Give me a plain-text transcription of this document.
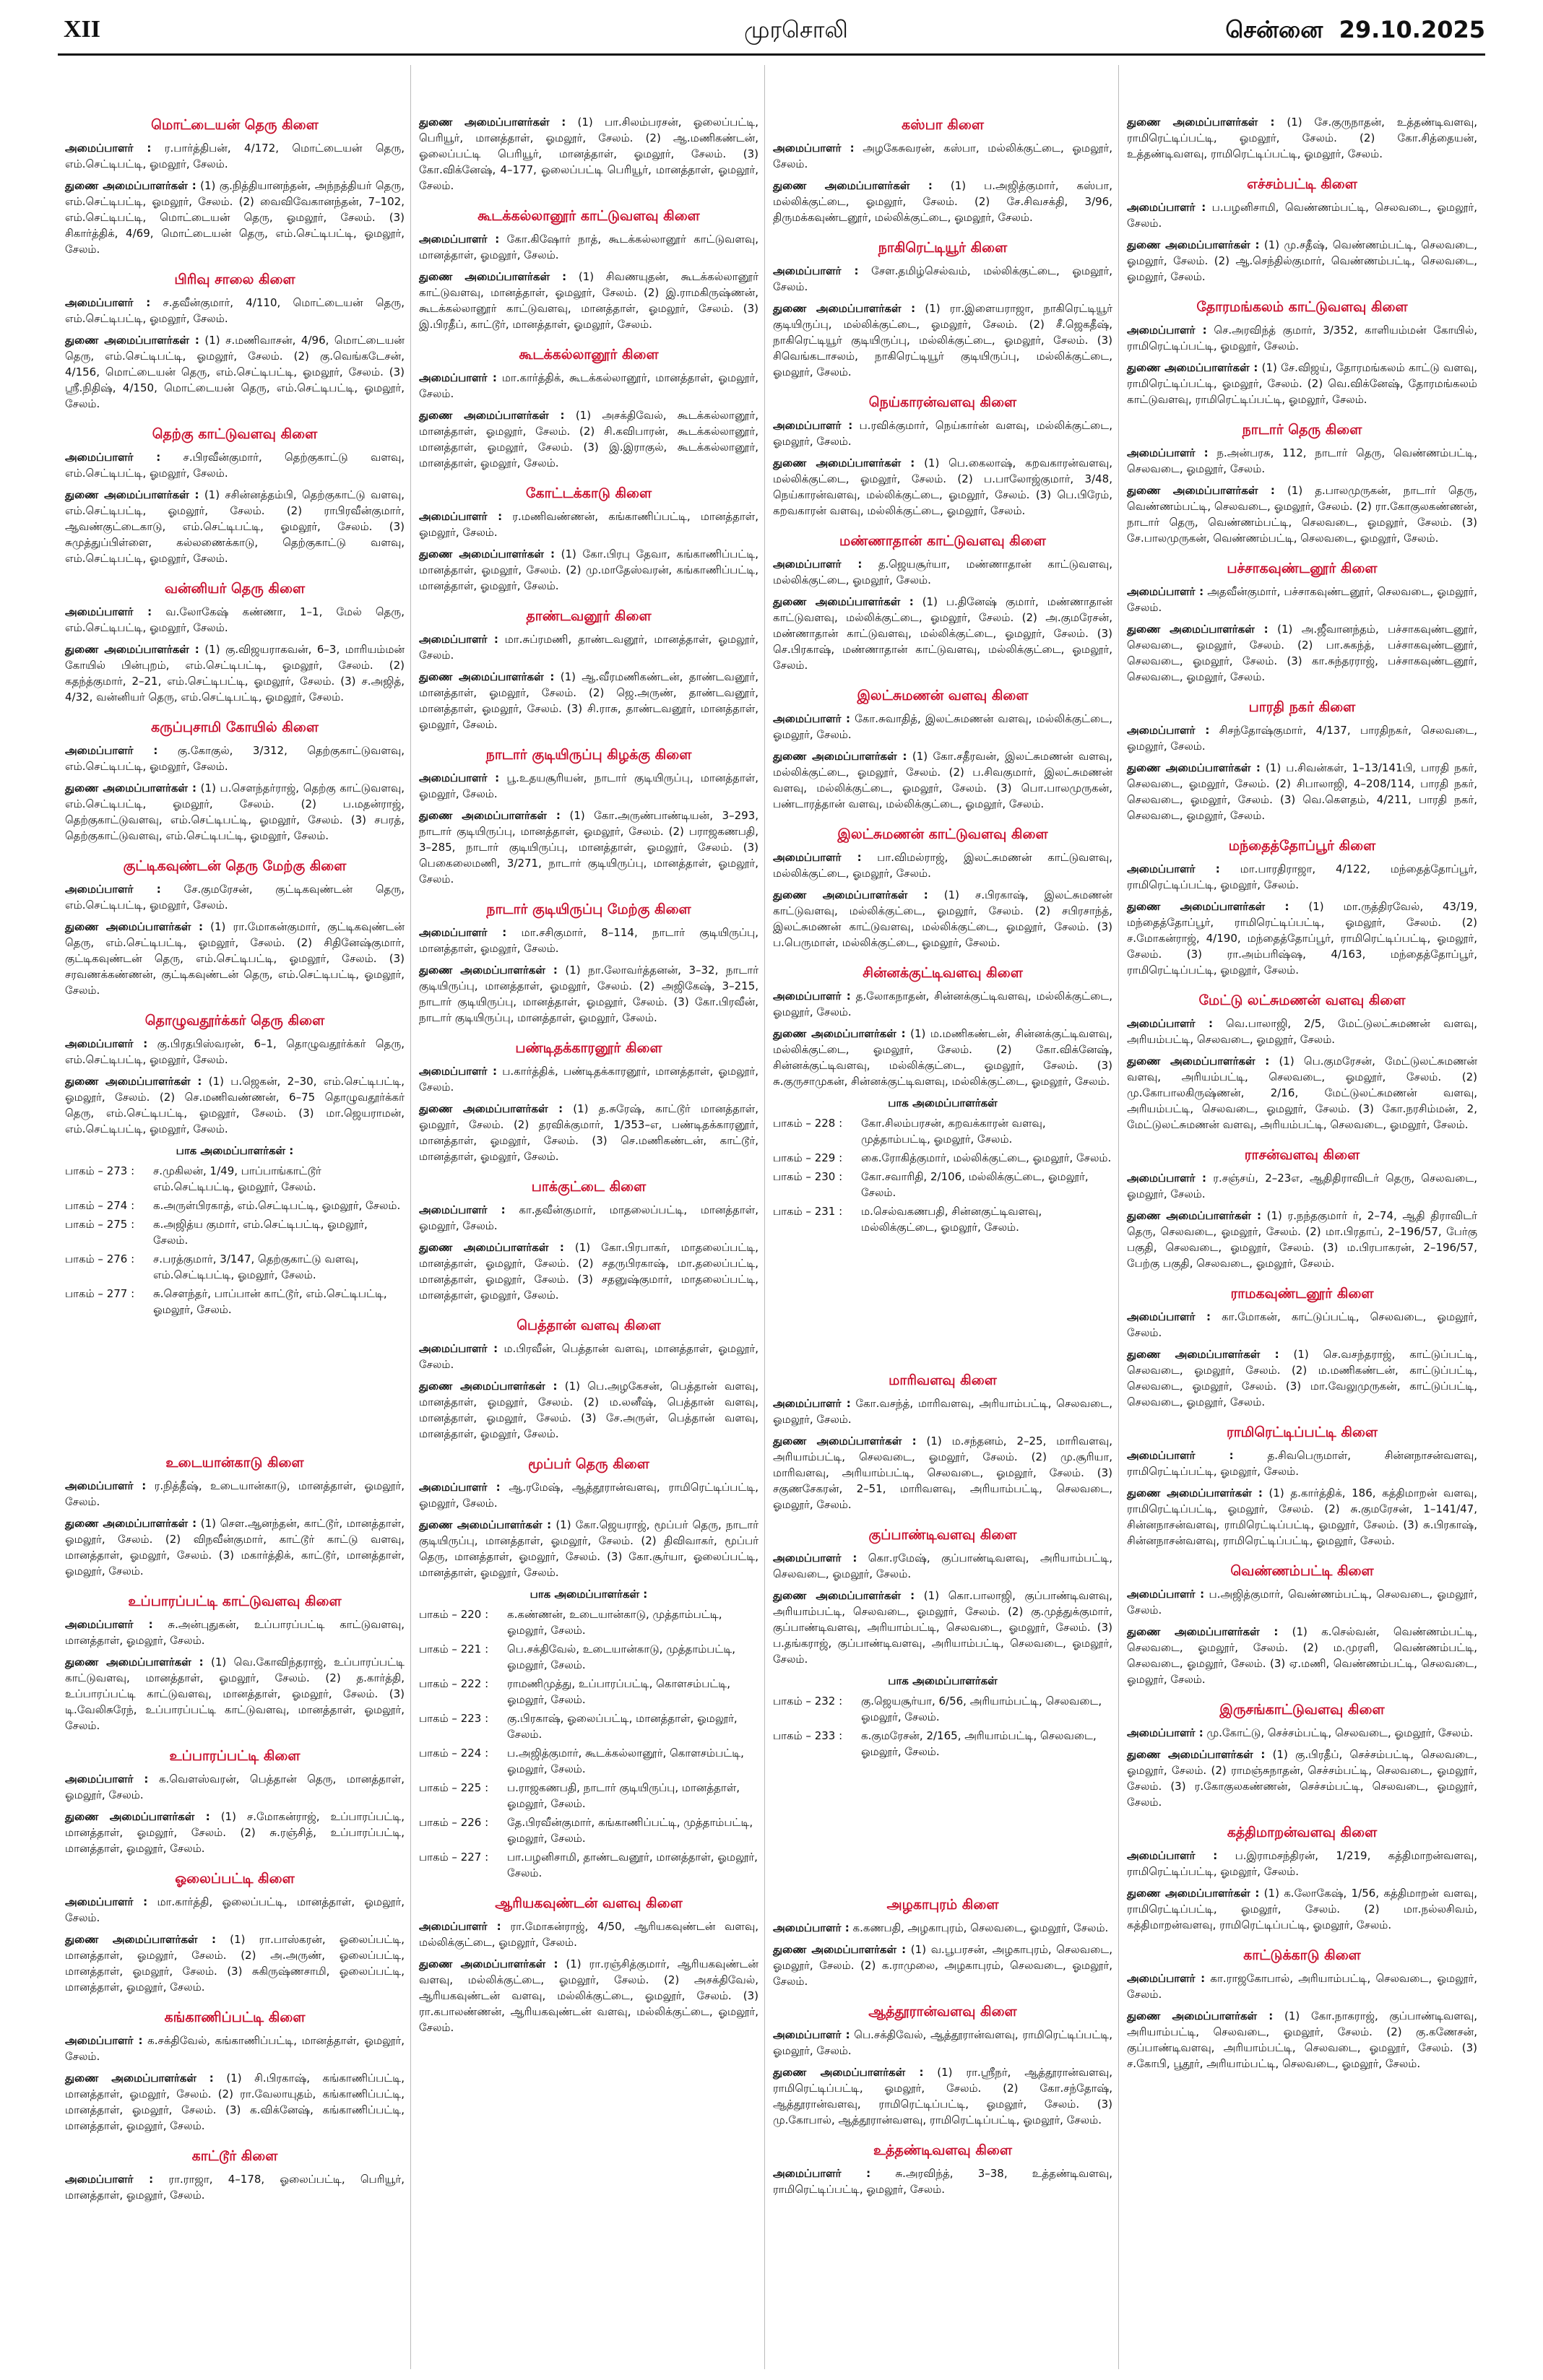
XII	முரசொலி	சென்னை 29.10.2025
மொட்டையன் தெரு கிளை
அமைப்பாளர் : ர.பார்த்திபன், 4/172, மொட்டையன் தெரு, எம்.செட்டிபட்டி, ஓமலூர், சேலம்.
துணை அமைப்பாளர்கள் : (1) கு.நித்தியானந்தன், அந்நத்தியர் தெரு, எம்.செட்டிபட்டி, ஓமலூர், சேலம். (2) வைவிவேகானந்தன், 7–102, எம்.செட்டிபட்டி, மொட்டையன் தெரு, ஓமலூர், சேலம். (3) சிகார்த்திக், 4/69, மொட்டையன் தெரு, எம்.செட்டிபட்டி, ஓமலூர், சேலம்.
பிரிவு சாலை கிளை
அமைப்பாளர் : ச.தவீன்குமார், 4/110, மொட்டையன் தெரு, எம்.செட்டிபட்டி, ஓமலூர், சேலம்.
துணை அமைப்பாளர்கள் : (1) ச.மணிவாசன், 4/96, மொட்டையன் தெரு, எம்.செட்டிபட்டி, ஓமலூர், சேலம். (2) கு.வெங்கடேசன், 4/156, மொட்டையன் தெரு, எம்.செட்டிபட்டி, ஓமலூர், சேலம். (3) ஸ்ரீ.நிதிஷ், 4/150, மொட்டையன் தெரு, எம்.செட்டிபட்டி, ஓமலூர், சேலம்.
தெற்கு காட்டுவளவு கிளை
அமைப்பாளர் : ச.பிரவீன்குமார், தெற்குகாட்டு வளவு, எம்.செட்டிபட்டி, ஓமலூர், சேலம்.
துணை அமைப்பாளர்கள் : (1) சசின்னத்தம்பி, தெற்குகாட்டு வளவு, எம்.செட்டிபட்டி, ஓமலூர், சேலம். (2) ராபிரவீன்குமார், ஆவண்குட்டைகாடு, எம்.செட்டிபட்டி, ஓமலூர், சேலம். (3) சுமுத்துப்பிள்ளை, கல்லணைக்காடு, தெற்குகாட்டு வளவு, எம்.செட்டிபட்டி, ஓமலூர், சேலம்.
வன்னியர் தெரு கிளை
அமைப்பாளர் : வ.லோகேஷ் கண்ணா, 1–1, மேல் தெரு, எம்.செட்டிபட்டி, ஓமலூர், சேலம்.
துணை அமைப்பாளர்கள் : (1) கு.விஜயராகவன், 6–3, மாரியம்மன் கோயில் பின்புறம், எம்.செட்டிபட்டி, ஓமலூர், சேலம். (2) கதந்த்குமார், 2–21, எம்.செட்டிபட்டி, ஓமலூர், சேலம். (3) ச.அஜித், 4/32, வன்னியர் தெரு, எம்.செட்டிபட்டி, ஓமலூர், சேலம்.
கருப்புசாமி கோயில் கிளை
அமைப்பாளர் : கு.கோகுல், 3/312, தெற்குகாட்டுவளவு, எம்.செட்டிபட்டி, ஓமலூர், சேலம்.
துணை அமைப்பாளர்கள் : (1) ப.சௌந்தர்ராஜ், தெற்கு காட்டுவளவு, எம்.செட்டிபட்டி, ஓமலூர், சேலம். (2) ப.மதன்ராஜ், தெற்குகாட்டுவளவு, எம்.செட்டிபட்டி, ஓமலூர், சேலம். (3) சபரத், தெற்குகாட்டுவளவு, எம்.செட்டிபட்டி, ஓமலூர், சேலம்.
குட்டிகவுண்டன் தெரு மேற்கு கிளை
அமைப்பாளர் : சே.குமரேசன், குட்டிகவுண்டன் தெரு, எம்.செட்டிபட்டி, ஓமலூர், சேலம்.
துணை அமைப்பாளர்கள் : (1) ரா.மோகன்குமார், குட்டிகவுண்டன் தெரு, எம்.செட்டிபட்டி, ஓமலூர், சேலம். (2) சிதினேஷ்குமார், குட்டிகவுண்டன் தெரு, எம்.செட்டிபட்டி, ஓமலூர், சேலம். (3) சரவணக்கண்ணன், குட்டிகவுண்டன் தெரு, எம்.செட்டிபட்டி, ஓமலூர், சேலம்.
தொழுவதூர்க்கர் தெரு கிளை
அமைப்பாளர் : கு.பிரதபிஸ்வரன், 6–1, தொழுவதூர்க்கர் தெரு, எம்.செட்டிபட்டி, ஓமலூர், சேலம்.
துணை அமைப்பாளர்கள் : (1) ப.ஜெகன், 2–30, எம்.செட்டிபட்டி, ஓமலூர், சேலம். (2) செ.மணிவண்ணன், 6–75 தொழுவதூர்க்கர் தெரு, எம்.செட்டிபட்டி, ஓமலூர், சேலம். (3) மா.ஜெயராமன், எம்.செட்டிபட்டி, ஓமலூர், சேலம்.
பாக அமைப்பாளர்கள் :
பாகம் – 273 :	ச.முகிலன், 1/49, பாப்பாங்காட்டூர் எம்.செட்டிபட்டி, ஓமலூர், சேலம்.
பாகம் – 274 :	க.அருள்பிரகாத், எம்.செட்டிபட்டி, ஓமலூர், சேலம்.
பாகம் – 275 :	க.அஜித்ய குமார், எம்.செட்டிபட்டி, ஓமலூர், சேலம்.
பாகம் – 276 :	ச.பரத்குமார், 3/147, தெற்குகாட்டு வளவு, எம்.செட்டிபட்டி, ஓமலூர், சேலம்.
பாகம் – 277 :	சு.செளந்தர், பாப்பான் காட்டூர், எம்.செட்டிபட்டி, ஓமலூர், சேலம்.
உடையான்காடு கிளை
அமைப்பாளர் : ர.நித்தீஷ், உடையான்காடு, மானத்தாள், ஓமலூர், சேலம்.
துணை அமைப்பாளர்கள் : (1) சௌ.ஆனந்தன், காட்டூர், மானத்தாள், ஓமலூர், சேலம். (2) விநவீன்குமார், காட்டூர் காட்டு வளவு, மானத்தாள், ஓமலூர், சேலம். (3) மகார்த்திக், காட்டூர், மானத்தாள், ஓமலூர், சேலம்.
உப்பாரப்பட்டி காட்டுவளவு கிளை
அமைப்பாளர் : சு.அன்புதுகன், உப்பாரப்பட்டி காட்டுவளவு, மானத்தாள், ஓமலூர், சேலம்.
துணை அமைப்பாளர்கள் : (1) வெ.கோவிந்தராஜ், உப்பாரப்பட்டி காட்டுவளவு, மானத்தாள், ஓமலூர், சேலம். (2) த.கார்த்தி, உப்பாரப்பட்டி காட்டுவளவு, மானத்தாள், ஓமலூர், சேலம். (3) டி.வேலிசுரேந், உப்பாரப்பட்டி காட்டுவளவு, மானத்தாள், ஓமலூர், சேலம்.
உப்பாரப்பட்டி கிளை
அமைப்பாளர் : க.வெளஸ்வரன், பெத்தான் தெரு, மானத்தாள், ஓமலூர், சேலம்.
துணை அமைப்பாளர்கள் : (1) ச.மோகன்ராஜ், உப்பாரப்பட்டி, மானத்தாள், ஓமலூர், சேலம். (2) சு.ரஞ்சித், உப்பாரப்பட்டி, மானத்தாள், ஓமலூர், சேலம்.
ஓலைப்பட்டி கிளை
அமைப்பாளர் : மா.கார்த்தி, ஓலைப்பட்டி, மானத்தாள், ஓமலூர், சேலம்.
துணை அமைப்பாளர்கள் : (1) ரா.பாஸ்கரன், ஓலைப்பட்டி, மானத்தாள், ஓமலூர், சேலம். (2) அ.அருண், ஓலைப்பட்டி, மானத்தாள், ஓமலூர், சேலம். (3) சுகிருஷ்ணசாமி, ஓலைப்பட்டி, மானத்தாள், ஓமலூர், சேலம்.
கங்காணிப்பட்டி கிளை
அமைப்பாளர் : க.சக்திவேல், கங்காணிப்பட்டி, மானத்தாள், ஓமலூர், சேலம்.
துணை அமைப்பாளர்கள் : (1) சி.பிரகாஷ், கங்காணிப்பட்டி, மானத்தாள், ஓமலூர், சேலம். (2) ரா.வேலாயுதம், கங்காணிப்பட்டி, மானத்தாள், ஓமலூர், சேலம். (3) க.விக்னேஷ், கங்காணிப்பட்டி, மானத்தாள், ஓமலூர், சேலம்.
காட்டூர் கிளை
அமைப்பாளர் : ரா.ராஜா, 4–178, ஓலைப்பட்டி, பெரியூர், மானத்தாள், ஓமலூர், சேலம்.
துணை அமைப்பாளர்கள் : (1) பா.சிலம்பரசன், ஓலைப்பட்டி, பெரியூர், மானத்தாள், ஓமலூர், சேலம். (2) ஆ.மணிகண்டன், ஓலைப்பட்டி பெரியூர், மானத்தாள், ஓமலூர், சேலம். (3) கோ.விக்னேஷ், 4–177, ஓலைப்பட்டி பெரியூர், மானத்தாள், ஓமலூர், சேலம்.
கூடக்கல்லானூர் காட்டுவளவு கிளை
அமைப்பாளர் : கோ.கிஷோர் நாத், கூடக்கல்லானூர் காட்டுவளவு, மானத்தாள், ஓமலூர், சேலம்.
துணை அமைப்பாளர்கள் : (1) சிவணயுதன், கூடக்கல்லானூர் காட்டுவளவு, மானத்தாள், ஓமலூர், சேலம். (2) இ.ராமகிருஷ்ணன், கூடக்கல்லானூர் காட்டுவளவு, மானத்தாள், ஓமலூர், சேலம். (3) இ.பிரதீப், காட்டூர், மானத்தாள், ஓமலூர், சேலம்.
கூடக்கல்லானூர் கிளை
அமைப்பாளர் : மா.கார்த்திக், கூடக்கல்லானூர், மானத்தாள், ஓமலூர், சேலம்.
துணை அமைப்பாளர்கள் : (1) அசக்திவேல், கூடக்கல்லானூர், மானத்தாள், ஓமலூர், சேலம். (2) சி.கவிபாரன், கூடக்கல்லானூர், மானத்தாள், ஓமலூர், சேலம். (3) இ.இராகுல், கூடக்கல்லானூர், மானத்தாள், ஓமலூர், சேலம்.
கோட்டக்காடு கிளை
அமைப்பாளர் : ர.மணிவண்ணன், கங்காணிப்பட்டி, மானத்தாள், ஓமலூர், சேலம்.
துணை அமைப்பாளர்கள் : (1) கோ.பிரபு தேவா, கங்காணிப்பட்டி, மானத்தாள், ஓமலூர், சேலம். (2) மு.மாதேஸ்வரன், கங்காணிப்பட்டி, மானத்தாள், ஓமலூர், சேலம்.
தாண்டவனூர் கிளை
அமைப்பாளர் : மா.சுப்ரமணி, தாண்டவனூர், மானத்தாள், ஓமலூர், சேலம்.
துணை அமைப்பாளர்கள் : (1) ஆ.வீரமணிகண்டன், தாண்டவனூர், மானத்தாள், ஓமலூர், சேலம். (2) ஜெ.அருண், தாண்டவனூர், மானத்தாள், ஓமலூர், சேலம். (3) சி.ராசு, தாண்டவனூர், மானத்தாள், ஓமலூர், சேலம்.
நாடார் குடியிருப்பு கிழக்கு கிளை
அமைப்பாளர் : பூ.உதயசூரியன், நாடார் குடியிருப்பு, மானத்தாள், ஓமலூர், சேலம்.
துணை அமைப்பாளர்கள் : (1) கோ.அருண்பாண்டியன், 3–293, நாடார் குடியிருப்பு, மானத்தாள், ஓமலூர், சேலம். (2) பராஜகணபதி, 3–285, நாடார் குடியிருப்பு, மானத்தாள், ஓமலூர், சேலம். (3) பெகைலைமணி, 3/271, நாடார் குடியிருப்பு, மானத்தாள், ஓமலூர், சேலம்.
நாடார் குடியிருப்பு மேற்கு கிளை
அமைப்பாளர் : மா.சசிகுமார், 8–114, நாடார் குடியிருப்பு, மானத்தாள், ஓமலூர், சேலம்.
துணை அமைப்பாளர்கள் : (1) நா.லோவர்த்தனன், 3–32, நாடார் குடியிருப்பு, மானத்தாள், ஓமலூர், சேலம். (2) அஜிகேஷ், 3–215, நாடார் குடியிருப்பு, மானத்தாள், ஓமலூர், சேலம். (3) கோ.பிரவீன், நாடார் குடியிருப்பு, மானத்தாள், ஓமலூர், சேலம்.
பண்டிதக்காரனூர் கிளை
அமைப்பாளர் : ப.கார்த்திக், பண்டிதக்காரனூர், மானத்தாள், ஓமலூர், சேலம்.
துணை அமைப்பாளர்கள் : (1) த.சுரேஷ், காட்டூர் மானத்தாள், ஓமலூர், சேலம். (2) தரவிக்குமார், 1/353–எ, பண்டிதக்காரனூர், மானத்தாள், ஓமலூர், சேலம். (3) செ.மணிகண்டன், காட்டூர், மானத்தாள், ஓமலூர், சேலம்.
பாக்குட்டை கிளை
அமைப்பாளர் : கா.தவீன்குமார், மாதலைப்பட்டி, மானத்தாள், ஓமலூர், சேலம்.
துணை அமைப்பாளர்கள் : (1) கோ.பிரபாகர், மாதலைப்பட்டி, மானத்தாள், ஓமலூர், சேலம். (2) சதருபிரகாஷ், மா.தலைப்பட்டி, மானத்தாள், ஓமலூர், சேலம். (3) சதனுஷ்குமார், மாதலைப்பட்டி, மானத்தாள், ஓமலூர், சேலம்.
பெத்தான் வளவு கிளை
அமைப்பாளர் : ம.பிரவீன், பெத்தான் வளவு, மானத்தாள், ஓமலூர், சேலம்.
துணை அமைப்பாளர்கள் : (1) பெ.அழகேசன், பெத்தான் வளவு, மானத்தாள், ஓமலூர், சேலம். (2) ம.லனீஷ், பெத்தான் வளவு, மானத்தாள், ஓமலூர், சேலம். (3) சே.அருள், பெத்தான் வளவு, மானத்தாள், ஓமலூர், சேலம்.
மூப்பர் தெரு கிளை
அமைப்பாளர் : ஆ.ரமேஷ், ஆத்தூரான்வளவு, ராமிரெட்டிப்பட்டி, ஓமலூர், சேலம்.
துணை அமைப்பாளர்கள் : (1) கோ.ஜெயராஜ், மூப்பர் தெரு, நாடார் குடியிருப்பு, மானத்தாள், ஓமலூர், சேலம். (2) திவிவாகர், மூப்பர் தெரு, மானத்தாள், ஓமலூர், சேலம். (3) கோ.சூர்யா, ஓலைப்பட்டி, மானத்தாள், ஓமலூர், சேலம்.
பாக அமைப்பாளர்கள் :
பாகம் – 220 :	க.கண்ணன், உடையான்காடு, முத்தாம்பட்டி, ஓமலூர், சேலம்.
பாகம் – 221 :	பெ.சக்திவேல், உடையான்காடு, முத்தாம்பட்டி, ஓமலூர், சேலம்.
பாகம் – 222 :	ராமணிமுத்து, உப்பாரப்பட்டி, கொளசம்பட்டி, ஓமலூர், சேலம்.
பாகம் – 223 :	கு.பிரகாஷ், ஓலைப்பட்டி, மானத்தாள், ஓமலூர், சேலம்.
பாகம் – 224 :	ப.அஜித்குமார், கூடக்கல்லானூர், கொளசம்பட்டி, ஓமலூர், சேலம்.
பாகம் – 225 :	ப.ராஜகணபதி, நாடார் குடியிருப்பு, மானத்தாள், ஓமலூர், சேலம்.
பாகம் – 226 :	தே.பிரவீன்குமார், கங்காணிப்பட்டி, முத்தாம்பட்டி, ஓமலூர், சேலம்.
பாகம் – 227 :	பா.பழனிசாமி, தாண்டவனூர், மானத்தாள், ஓமலூர், சேலம்.
ஆரியகவுண்டன் வளவு கிளை
அமைப்பாளர் : ரா.மோகன்ராஜ், 4/50, ஆரியகவுண்டன் வளவு, மல்லிக்குட்டை, ஓமலூர், சேலம்.
துணை அமைப்பாளர்கள் : (1) ரா.ரஞ்சித்குமார், ஆரியகவுண்டன் வளவு, மல்லிக்குட்டை, ஓமலூர், சேலம். (2) அசக்திவேல், ஆரியகவுண்டன் வளவு, மல்லிக்குட்டை, ஓமலூர், சேலம். (3) ரா.கபாலண்ணன், ஆரியகவுண்டன் வளவு, மல்லிக்குட்டை, ஓமலூர், சேலம்.
கஸ்பா கிளை
அமைப்பாளர் : அழகேசுவரன், கஸ்பா, மல்லிக்குட்டை, ஓமலூர், சேலம்.
துணை அமைப்பாளர்கள் : (1) ப.அஜித்குமார், கஸ்பா, மல்லிக்குட்டை, ஓமலூர், சேலம். (2) சே.சிவசக்தி, 3/96, திருமக்கவுண்டனூர், மல்லிக்குட்டை, ஓமலூர், சேலம்.
நாகிரெட்டியூர் கிளை
அமைப்பாளர் : சேள.தமிழ்செல்வம், மல்லிக்குட்டை, ஓமலூர், சேலம்.
துணை அமைப்பாளர்கள் : (1) ரா.இளையராஜா, நாகிரெட்டியூர் குடியிருப்பு, மல்லிக்குட்டை, ஓமலூர், சேலம். (2) சீ.ஜெகதீஷ், நாகிரெட்டியூர் குடியிருப்பு, மல்லிக்குட்டை, ஓமலூர், சேலம். (3) சிவெங்கடாசலம், நாகிரெட்டியூர் குடியிருப்பு, மல்லிக்குட்டை, ஓமலூர், சேலம்.
நெய்காரன்வளவு கிளை
அமைப்பாளர் : ப.ரவிக்குமார், நெய்கார்ன் வளவு, மல்லிக்குட்டை, ஓமலூர், சேலம்.
துணை அமைப்பாளர்கள் : (1) பெ.கைலாஷ், கறவகாரன்வளவு, மல்லிக்குட்டை, ஓமலூர், சேலம். (2) ப.பாலோஜ்குமார், 3/48, நெய்காரன்வளவு, மல்லிக்குட்டை, ஓமலூர், சேலம். (3) பெ.பிரேம், கறவகாரன் வளவு, மல்லிக்குட்டை, ஓமலூர், சேலம்.
மண்ணாதான் காட்டுவளவு கிளை
அமைப்பாளர் : த.ஜெயசூர்யா, மண்ணாதான் காட்டுவளவு, மல்லிக்குட்டை, ஓமலூர், சேலம்.
துணை அமைப்பாளர்கள் : (1) ப.தினேஷ் குமார், மண்ணாதான் காட்டுவளவு, மல்லிக்குட்டை, ஓமலூர், சேலம். (2) அ.குமரேசன், மண்ணாதான் காட்டுவளவு, மல்லிக்குட்டை, ஓமலூர், சேலம். (3) செ.பிரகாஷ், மண்ணாதான் காட்டுவளவு, மல்லிக்குட்டை, ஓமலூர், சேலம்.
இலட்சுமணன் வளவு கிளை
அமைப்பாளர் : கோ.சுவாதித், இலட்சுமணன் வளவு, மல்லிக்குட்டை, ஓமலூர், சேலம்.
துணை அமைப்பாளர்கள் : (1) கோ.சதீரவன், இலட்சுமணன் வளவு, மல்லிக்குட்டை, ஓமலூர், சேலம். (2) ப.சிவகுமார், இலட்சுமணன் வளவு, மல்லிக்குட்டை, ஓமலூர், சேலம். (3) பொ.பாலமுருகன், பண்டாரத்தான் வளவு, மல்லிக்குட்டை, ஓமலூர், சேலம்.
இலட்சுமணன் காட்டுவளவு கிளை
அமைப்பாளர் : பா.விமல்ராஜ், இலட்சுமணன் காட்டுவளவு, மல்லிக்குட்டை, ஓமலூர், சேலம்.
துணை அமைப்பாளர்கள் : (1) ச.பிரகாஷ், இலட்சுமணன் காட்டுவளவு, மல்லிக்குட்டை, ஓமலூர், சேலம். (2) சபிரசாந்த், இலட்சுமணன் காட்டுவளவு, மல்லிக்குட்டை, ஓமலூர், சேலம். (3) ப.பெருமாள், மல்லிக்குட்டை, ஓமலூர், சேலம்.
சின்னக்குட்டிவளவு கிளை
அமைப்பாளர் : த.லோகநாதன், சின்னக்குட்டிவளவு, மல்லிக்குட்டை, ஓமலூர், சேலம்.
துணை அமைப்பாளர்கள் : (1) ம.மணிகண்டன், சின்னக்குட்டிவளவு, மல்லிக்குட்டை, ஓமலூர், சேலம். (2) கோ.விக்னேஷ், சின்னக்குட்டிவளவு, மல்லிக்குட்டை, ஓமலூர், சேலம். (3) சு.குருசாமுகன், சின்னக்குட்டிவளவு, மல்லிக்குட்டை, ஓமலூர், சேலம்.
பாக அமைப்பாளர்கள்
பாகம் – 228 :	கோ.சிலம்பரசன், கறவக்காரன் வளவு, முத்தாம்பட்டி, ஓமலூர், சேலம்.
பாகம் – 229 :	கை.ரோகித்குமார், மல்லிக்குட்டை, ஓமலூர், சேலம்.
பாகம் – 230 :	கோ.சவாரிதி, 2/106, மல்லிக்குட்டை, ஓமலூர், சேலம்.
பாகம் – 231 :	ம.செல்வகணபதி, சின்னகுட்டிவளவு, மல்லிக்குட்டை, ஓமலூர், சேலம்.
மாரிவளவு கிளை
அமைப்பாளர் : கோ.வசந்த், மாரிவளவு, அரியாம்பட்டி, செலவடை, ஓமலூர், சேலம்.
துணை அமைப்பாளர்கள் : (1) ம.சந்தனம், 2–25, மாரிவளவு, அரியாம்பட்டி, செலவடை, ஓமலூர், சேலம். (2) மு.சூரியா, மாரிவளவு, அரியாம்பட்டி, செலவடை, ஓமலூர், சேலம். (3) சகுணசேகரன், 2–51, மாரிவளவு, அரியாம்பட்டி, செலவடை, ஓமலூர், சேலம்.
குப்பாண்டிவளவு கிளை
அமைப்பாளர் : கொ.ரமேஷ், குப்பாண்டிவளவு, அரியாம்பட்டி, செலவடை, ஓமலூர், சேலம்.
துணை அமைப்பாளர்கள் : (1) கொ.பாலாஜி, குப்பாண்டிவளவு, அரியாம்பட்டி, செலவடை, ஓமலூர், சேலம். (2) கு.முத்துக்குமார், குப்பாண்டிவளவு, அரியாம்பட்டி, செலவடை, ஓமலூர், சேலம். (3) ப.தங்கராஜ், குப்பாண்டிவளவு, அரியாம்பட்டி, செலவடை, ஓமலூர், சேலம்.
பாக அமைப்பாளர்கள்
பாகம் – 232 :	கு.ஜெயசூர்யா, 6/56, அரியாம்பட்டி, செலவடை, ஓமலூர், சேலம்.
பாகம் – 233 :	க.குமரேசன், 2/165, அரியாம்பட்டி, செலவடை, ஓமலூர், சேலம்.
அழகாபுரம் கிளை
அமைப்பாளர் : க.கணபதி, அழகாபுரம், செலவடை, ஓமலூர், சேலம்.
துணை அமைப்பாளர்கள் : (1) வ.பூபரசன், அழகாபுரம், செலவடை, ஓமலூர், சேலம். (2) க.ராமுலை, அழகாபுரம், செலவடை, ஓமலூர், சேலம்.
ஆத்தூரான்வளவு கிளை
அமைப்பாளர் : பெ.சக்திவேல், ஆத்தூரான்வளவு, ராமிரெட்டிப்பட்டி, ஓமலூர், சேலம்.
துணை அமைப்பாளர்கள் : (1) ரா.ஸ்ரீநர், ஆத்தூரான்வளவு, ராமிரெட்டிப்பட்டி, ஓமலூர், சேலம். (2) கோ.சந்தோஷ், ஆத்தூரான்வளவு, ராமிரெட்டிப்பட்டி, ஓமலூர், சேலம். (3) மு.கோபால், ஆத்தூரான்வளவு, ராமிரெட்டிப்பட்டி, ஓமலூர், சேலம்.
உத்தண்டிவளவு கிளை
அமைப்பாளர் : சு.அரவிந்த், 3–38, உத்தண்டிவளவு, ராமிரெட்டிப்பட்டி, ஓமலூர், சேலம்.
துணை அமைப்பாளர்கள் : (1) சே.குருநாதன், உத்தண்டிவளவு, ராமிரெட்டிப்பட்டி, ஓமலூர், சேலம். (2) கோ.சித்தையன், உத்தண்டிவளவு, ராமிரெட்டிப்பட்டி, ஓமலூர், சேலம்.
எச்சம்பட்டி கிளை
அமைப்பாளர் : ப.பழனிசாமி, வெண்ணம்பட்டி, செலவடை, ஓமலூர், சேலம்.
துணை அமைப்பாளர்கள் : (1) மு.சதீஷ், வெண்ணம்பட்டி, செலவடை, ஓமலூர், சேலம். (2) ஆ.செந்தில்குமார், வெண்ணம்பட்டி, செலவடை, ஓமலூர், சேலம்.
தோரமங்கலம் காட்டுவளவு கிளை
அமைப்பாளர் : செ.அரவிந்த் குமார், 3/352, காளியம்மன் கோயில், ராமிரெட்டிப்பட்டி, ஓமலூர், சேலம்.
துணை அமைப்பாளர்கள் : (1) சே.விஜய், தோரமங்கலம் காட்டு வளவு, ராமிரெட்டிப்பட்டி, ஓமலூர், சேலம். (2) வெ.விக்னேஷ், தோரமங்கலம் காட்டுவளவு, ராமிரெட்டிப்பட்டி, ஓமலூர், சேலம்.
நாடார் தெரு கிளை
அமைப்பாளர் : ந.அன்பரசு, 112, நாடார் தெரு, வெண்ணம்பட்டி, செலவடை, ஓமலூர், சேலம்.
துணை அமைப்பாளர்கள் : (1) த.பாலமுருகன், நாடார் தெரு, வெண்ணம்பட்டி, செலவடை, ஓமலூர், சேலம். (2) ரா.கோகுலகண்ணன், நாடார் தெரு, வெண்ணம்பட்டி, செலவடை, ஓமலூர், சேலம். (3) சே.பாலமுருகன், வெண்ணம்பட்டி, செலவடை, ஓமலூர், சேலம்.
பச்சாகவுண்டனூர் கிளை
அமைப்பாளர் : அதவீன்குமார், பச்சாகவுண்டனூர், செலவடை, ஓமலூர், சேலம்.
துணை அமைப்பாளர்கள் : (1) அ.ஜீவானந்தம், பச்சாகவுண்டனூர், செலவடை, ஓமலூர், சேலம். (2) பா.சுகந்த், பச்சாகவுண்டனூர், செலவடை, ஓமலூர், சேலம். (3) கா.சுந்தரராஜ், பச்சாகவுண்டனூர், செலவடை, ஓமலூர், சேலம்.
பாரதி நகர் கிளை
அமைப்பாளர் : சிசந்தோஷ்குமார், 4/137, பாரதிநகர், செலவடை, ஓமலூர், சேலம்.
துணை அமைப்பாளர்கள் : (1) ப.சிவன்கள், 1–13/141பி, பாரதி நகர், செலவடை, ஓமலூர், சேலம். (2) சிபாலாஜி, 4–208/114, பாரதி நகர், செலவடை, ஓமலூர், சேலம். (3) வெ.கௌதம், 4/211, பாரதி நகர், செலவடை, ஓமலூர், சேலம்.
மந்தைத்தோப்பூர் கிளை
அமைப்பாளர் : மா.பாரதிராஜா, 4/122, மந்தைத்தோப்பூர், ராமிரெட்டிப்பட்டி, ஓமலூர், சேலம்.
துணை அமைப்பாளர்கள் : (1) மா.ருத்திரவேல், 43/19, மந்தைத்தோப்பூர், ராமிரெட்டிப்பட்டி, ஓமலூர், சேலம். (2) ச.மோகன்ராஜ், 4/190, மந்தைத்தோப்பூர், ராமிரெட்டிப்பட்டி, ஓமலூர், சேலம். (3) ரா.அம்பரிஷ்ஷ, 4/163, மந்தைத்தோப்பூர், ராமிரெட்டிப்பட்டி, ஓமலூர், சேலம்.
மேட்டு லட்சுமணன் வளவு கிளை
அமைப்பாளர் : வெ.பாலாஜி, 2/5, மேட்டுலட்சுமணன் வளவு, அரியம்பட்டி, செலவடை, ஓமலூர், சேலம்.
துணை அமைப்பாளர்கள் : (1) பெ.குமரேசன், மேட்டுலட்சுமணன் வளவு, அரியம்பட்டி, செலவடை, ஓமலூர், சேலம். (2) மு.கோபாலகிருஷ்ணன், 2/16, மேட்டுலட்சுமணன் வளவு, அரியம்பட்டி, செலவடை, ஓமலூர், சேலம். (3) கோ.நரசிம்மன், 2, மேட்டுலட்சுமணன் வளவு, அரியம்பட்டி, செலவடை, ஓமலூர், சேலம்.
ராசன்வளவு கிளை
அமைப்பாளர் : ர.சஞ்சய், 2–23எ, ஆதிதிராவிடர் தெரு, செலவடை, ஓமலூர், சேலம்.
துணை அமைப்பாளர்கள் : (1) ர.நந்தகுமார் ர், 2–74, ஆதி திராவிடர் தெரு, செலவடை, ஓமலூர், சேலம். (2) மா.பிரதாப், 2–196/57, பேர்கு பகுதி, செலவடை, ஓமலூர், சேலம். (3) ம.பிரபாகரன், 2–196/57, பேற்கு பகுதி, செலவடை, ஓமலூர், சேலம்.
ராமகவுண்டனூர் கிளை
அமைப்பாளர் : கா.மோகன், காட்டுப்பட்டி, செலவடை, ஓமலூர், சேலம்.
துணை அமைப்பாளர்கள் : (1) செ.வசந்தராஜ், காட்டுப்பட்டி, செலவடை, ஓமலூர், சேலம். (2) ம.மணிகண்டன், காட்டுப்பட்டி, செலவடை, ஓமலூர், சேலம். (3) மா.வேலுமுருகன், காட்டுப்பட்டி, செலவடை, ஓமலூர், சேலம்.
ராமிரெட்டிப்பட்டி கிளை
அமைப்பாளர் :	த.சிவபெருமாள், சின்னநாசன்வளவு, ராமிரெட்டிப்பட்டி, ஓமலூர், சேலம்.
துணை அமைப்பாளர்கள் : (1) த.கார்த்திக், 186, கத்திமாறன் வளவு, ராமிரெட்டிப்பட்டி, ஓமலூர், சேலம். (2) சு.குமரேசன், 1–141/47, சின்னநாசன்வளவு, ராமிரெட்டிப்பட்டி, ஓமலூர், சேலம். (3) சு.பிரகாஷ், சின்னநாசன்வளவு, ராமிரெட்டிப்பட்டி, ஓமலூர், சேலம்.
வெண்ணம்பட்டி கிளை
அமைப்பாளர் : ப.அஜித்குமார், வெண்ணம்பட்டி, செலவடை, ஓமலூர், சேலம்.
துணை அமைப்பாளர்கள் : (1) க.செல்வன், வெண்ணம்பட்டி, செலவடை, ஓமலூர், சேலம். (2) ம.முரளி, வெண்ணம்பட்டி, செலவடை, ஓமலூர், சேலம். (3) ஏ.மணி, வெண்ணம்பட்டி, செலவடை, ஓமலூர், சேலம்.
இருசங்காட்டுவளவு கிளை
அமைப்பாளர் : மு.கோட்டு, செச்சம்பட்டி, செலவடை, ஓமலூர், சேலம்.
துணை அமைப்பாளர்கள் : (1) கு.பிரதீப், செச்சம்பட்டி, செலவடை, ஓமலூர், சேலம். (2) ராமஞ்சுநாதன், செச்சம்பட்டி, செலவடை, ஓமலூர், சேலம். (3) ர.கோகுலகண்ணன், செச்சம்பட்டி, செலவடை, ஓமலூர், சேலம்.
கத்திமாறன்வளவு கிளை
அமைப்பாளர் : ப.இராமசந்திரன், 1/219, கத்திமாறன்வளவு, ராமிரெட்டிப்பட்டி, ஓமலூர், சேலம்.
துணை அமைப்பாளர்கள் : (1) க.லோகேஷ், 1/56, கத்திமாறன் வளவு, ராமிரெட்டிப்பட்டி, ஓமலூர், சேலம். (2) மா.நல்லசிவம், கத்திமாறன்வளவு, ராமிரெட்டிப்பட்டி, ஓமலூர், சேலம்.
காட்டுக்காடு கிளை
அமைப்பாளர் : கா.ராஜகோபால், அரியாம்பட்டி, செலவடை, ஓமலூர், சேலம்.
துணை அமைப்பாளர்கள் : (1) கோ.நாகராஜ், குப்பாண்டிவளவு, அரியாம்பட்டி, செலவடை, ஓமலூர், சேலம். (2) கு.கணேசன், குப்பாண்டிவளவு, அரியாம்பட்டி, செலவடை, ஓமலூர், சேலம். (3) ச.கோபி, பூதூர், அரியாம்பட்டி, செலவடை, ஓமலூர், சேலம்.
